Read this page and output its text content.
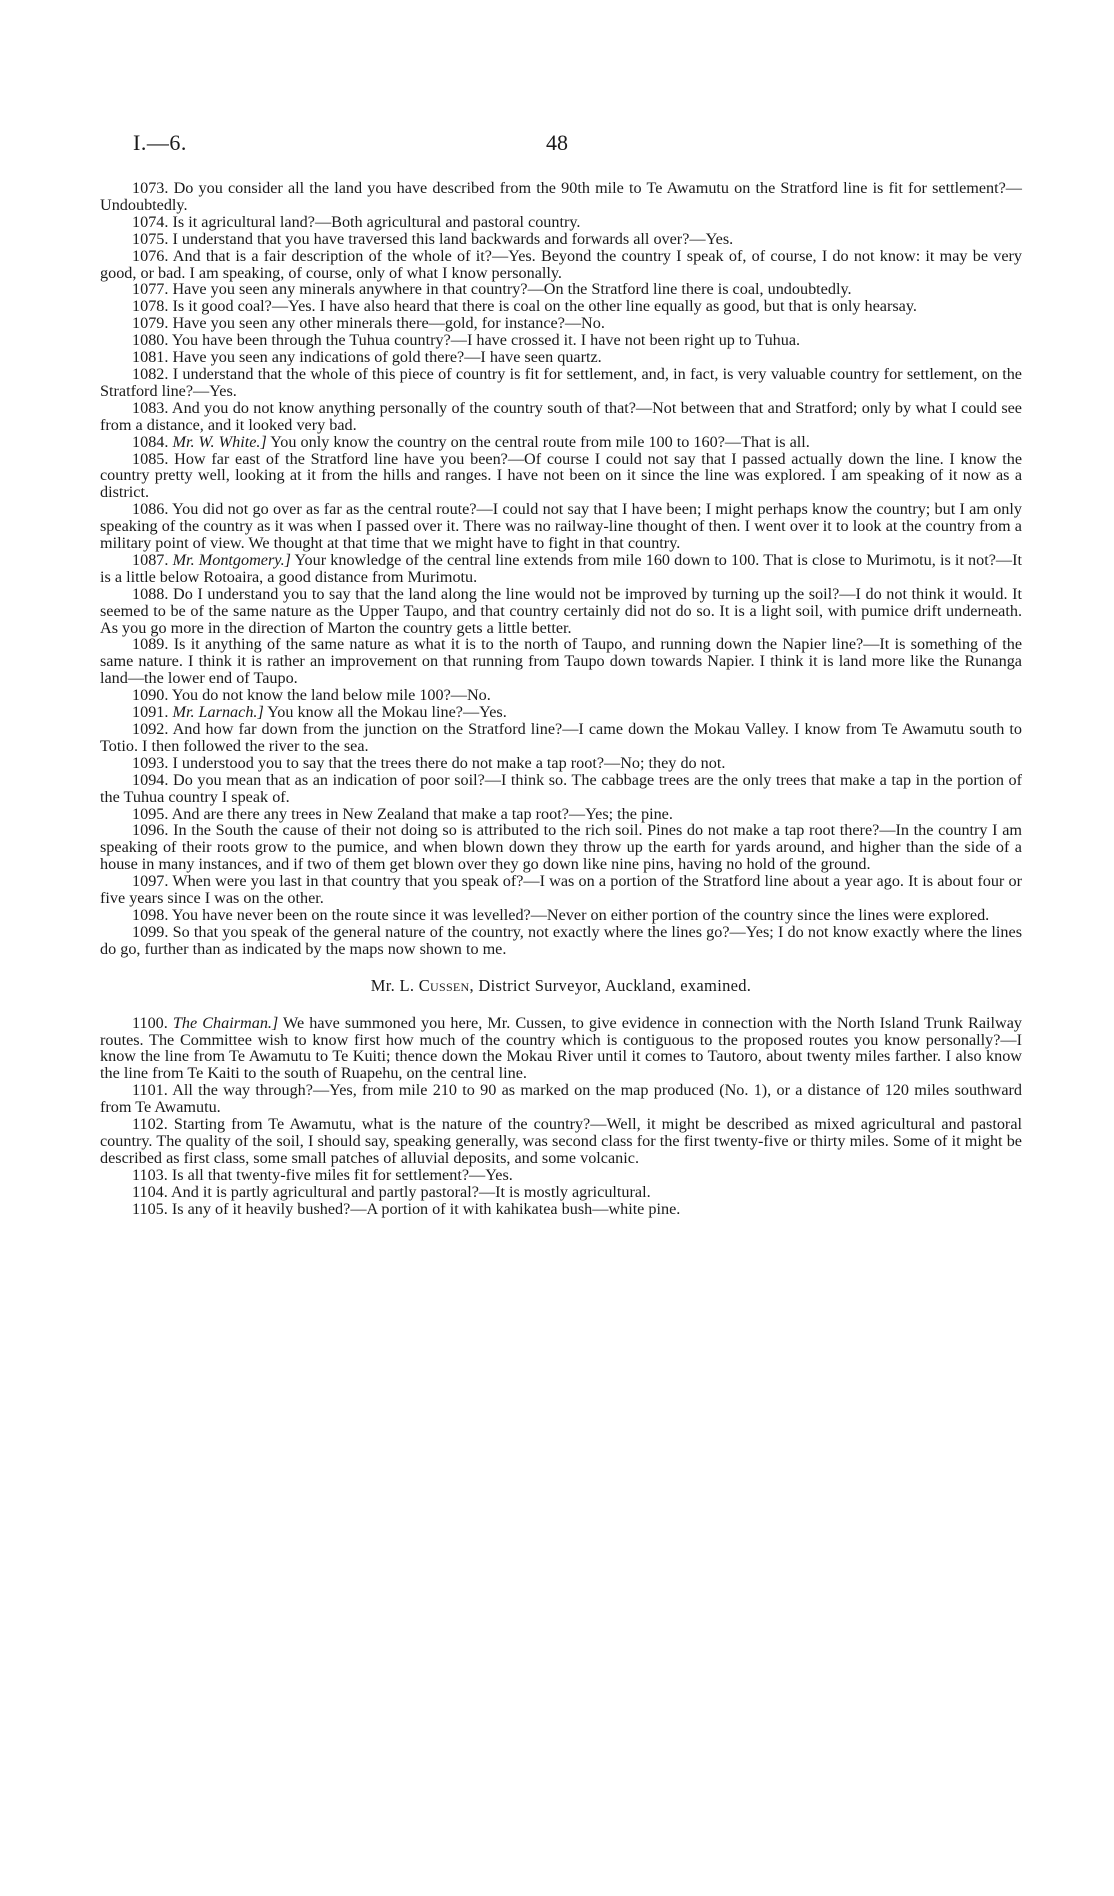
I.—6.	48

1073. Do you consider all the land you have described from the 90th mile to Te Awamutu on the Stratford line is fit for settlement?—Undoubtedly.

1074. Is it agricultural land?—Both agricultural and pastoral country.

1075. I understand that you have traversed this land backwards and forwards all over?—Yes.

1076. And that is a fair description of the whole of it?—Yes. Beyond the country I speak of, of course, I do not know: it may be very good, or bad. I am speaking, of course, only of what I know personally.

1077. Have you seen any minerals anywhere in that country?—On the Stratford line there is coal, undoubtedly.

1078. Is it good coal?—Yes. I have also heard that there is coal on the other line equally as good, but that is only hearsay.

1079. Have you seen any other minerals there—gold, for instance?—No.

1080. You have been through the Tuhua country?—I have crossed it. I have not been right up to Tuhua.

1081. Have you seen any indications of gold there?—I have seen quartz.

1082. I understand that the whole of this piece of country is fit for settlement, and, in fact, is very valuable country for settlement, on the Stratford line?—Yes.

1083. And you do not know anything personally of the country south of that?—Not between that and Stratford; only by what I could see from a distance, and it looked very bad.

1084. Mr. W. White.] You only know the country on the central route from mile 100 to 160?—That is all.

1085. How far east of the Stratford line have you been?—Of course I could not say that I passed actually down the line. I know the country pretty well, looking at it from the hills and ranges. I have not been on it since the line was explored. I am speaking of it now as a district.

1086. You did not go over as far as the central route?—I could not say that I have been; I might perhaps know the country; but I am only speaking of the country as it was when I passed over it. There was no railway-line thought of then. I went over it to look at the country from a military point of view. We thought at that time that we might have to fight in that country.

1087. Mr. Montgomery.] Your knowledge of the central line extends from mile 160 down to 100. That is close to Murimotu, is it not?—It is a little below Rotoaira, a good distance from Murimotu.

1088. Do I understand you to say that the land along the line would not be improved by turning up the soil?—I do not think it would. It seemed to be of the same nature as the Upper Taupo, and that country certainly did not do so. It is a light soil, with pumice drift underneath. As you go more in the direction of Marton the country gets a little better.

1089. Is it anything of the same nature as what it is to the north of Taupo, and running down the Napier line?—It is something of the same nature. I think it is rather an improvement on that running from Taupo down towards Napier. I think it is land more like the Runanga land—the lower end of Taupo.

1090. You do not know the land below mile 100?—No.

1091. Mr. Larnach.] You know all the Mokau line?—Yes.

1092. And how far down from the junction on the Stratford line?—I came down the Mokau Valley. I know from Te Awamutu south to Totio. I then followed the river to the sea.

1093. I understood you to say that the trees there do not make a tap root?—No; they do not.

1094. Do you mean that as an indication of poor soil?—I think so. The cabbage trees are the only trees that make a tap in the portion of the Tuhua country I speak of.

1095. And are there any trees in New Zealand that make a tap root?—Yes; the pine.

1096. In the South the cause of their not doing so is attributed to the rich soil. Pines do not make a tap root there?—In the country I am speaking of their roots grow to the pumice, and when blown down they throw up the earth for yards around, and higher than the side of a house in many instances, and if two of them get blown over they go down like nine pins, having no hold of the ground.

1097. When were you last in that country that you speak of?—I was on a portion of the Stratford line about a year ago. It is about four or five years since I was on the other.

1098. You have never been on the route since it was levelled?—Never on either portion of the country since the lines were explored.

1099. So that you speak of the general nature of the country, not exactly where the lines go?—Yes; I do not know exactly where the lines do go, further than as indicated by the maps now shown to me.

Mr. L. Cussen, District Surveyor, Auckland, examined.

1100. The Chairman.] We have summoned you here, Mr. Cussen, to give evidence in connection with the North Island Trunk Railway routes. The Committee wish to know first how much of the country which is contiguous to the proposed routes you know personally?—I know the line from Te Awamutu to Te Kuiti; thence down the Mokau River until it comes to Tautoro, about twenty miles farther. I also know the line from Te Kaiti to the south of Ruapehu, on the central line.

1101. All the way through?—Yes, from mile 210 to 90 as marked on the map produced (No. 1), or a distance of 120 miles southward from Te Awamutu.

1102. Starting from Te Awamutu, what is the nature of the country?—Well, it might be described as mixed agricultural and pastoral country. The quality of the soil, I should say, speaking generally, was second class for the first twenty-five or thirty miles. Some of it might be described as first class, some small patches of alluvial deposits, and some volcanic.

1103. Is all that twenty-five miles fit for settlement?—Yes.

1104. And it is partly agricultural and partly pastoral?—It is mostly agricultural.

1105. Is any of it heavily bushed?—A portion of it with kahikatea bush—white pine.
